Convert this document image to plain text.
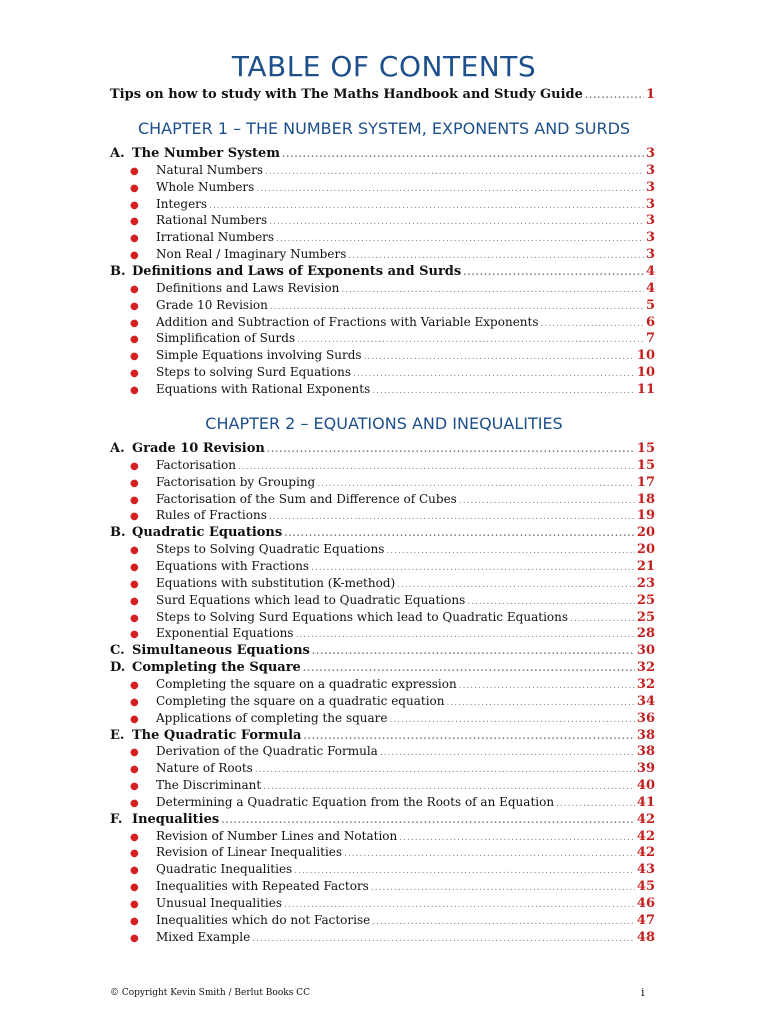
TABLE OF CONTENTS
Tips on how to study with The Maths Handbook and Study Guide .....	1
CHAPTER 1 – THE NUMBER SYSTEM, EXPONENTS AND SURDS
A. The Number System .....	3
●	Natural Numbers .....	3
●	Whole Numbers .....	3
●	Integers .....	3
●	Rational Numbers .....	3
●	Irrational Numbers .....	3
●	Non Real / Imaginary Numbers .....	3
B. Definitions and Laws of Exponents and Surds .....	4
●	Definitions and Laws Revision .....	4
●	Grade 10 Revision .....	5
●	Addition and Subtraction of Fractions with Variable Exponents .....	6
●	Simplification of Surds .....	7
●	Simple Equations involving Surds .....	10
●	Steps to solving Surd Equations .....	10
●	Equations with Rational Exponents .....	11
CHAPTER 2 – EQUATIONS AND INEQUALITIES
A. Grade 10 Revision .....	15
●	Factorisation .....	15
●	Factorisation by Grouping .....	17
●	Factorisation of the Sum and Difference of Cubes .....	18
●	Rules of Fractions .....	19
B. Quadratic Equations .....	20
●	Steps to Solving Quadratic Equations .....	20
●	Equations with Fractions .....	21
●	Equations with substitution (K-method) .....	23
●	Surd Equations which lead to Quadratic Equations .....	25
●	Steps to Solving Surd Equations which lead to Quadratic Equations .....	25
●	Exponential Equations .....	28
C. Simultaneous Equations .....	30
D. Completing the Square .....	32
●	Completing the square on a quadratic expression .....	32
●	Completing the square on a quadratic equation .....	34
●	Applications of completing the square .....	36
E. The Quadratic Formula .....	38
●	Derivation of the Quadratic Formula .....	38
●	Nature of Roots .....	39
●	The Discriminant .....	40
●	Determining a Quadratic Equation from the Roots of an Equation .....	41
F. Inequalities .....	42
●	Revision of Number Lines and Notation .....	42
●	Revision of Linear Inequalities .....	42
●	Quadratic Inequalities .....	43
●	Inequalities with Repeated Factors .....	45
●	Unusual Inequalities .....	46
●	Inequalities which do not Factorise .....	47
●	Mixed Example .....	48
© Copyright Kevin Smith / Berlut Books CC	i
